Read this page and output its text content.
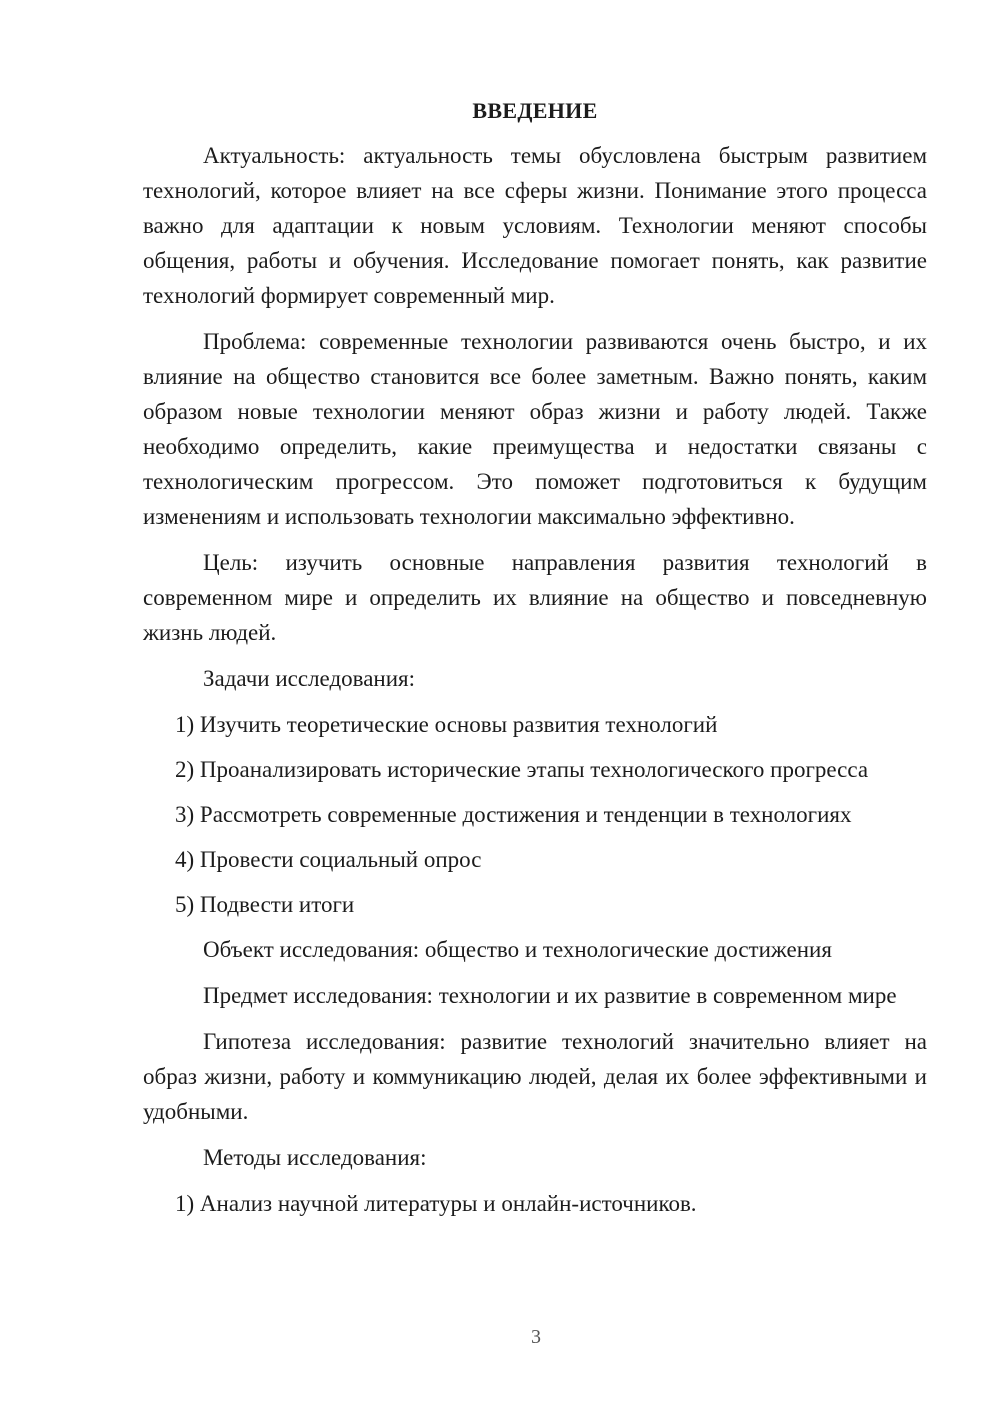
ВВЕДЕНИЕ

Актуальность: актуальность темы обусловлена быстрым развитием технологий, которое влияет на все сферы жизни. Понимание этого процесса важно для адаптации к новым условиям. Технологии меняют способы общения, работы и обучения. Исследование помогает понять, как развитие технологий формирует современный мир.

Проблема: современные технологии развиваются очень быстро, и их влияние на общество становится все более заметным. Важно понять, каким образом новые технологии меняют образ жизни и работу людей. Также необходимо определить, какие преимущества и недостатки связаны с технологическим прогрессом. Это поможет подготовиться к будущим изменениям и использовать технологии максимально эффективно.

Цель: изучить основные направления развития технологий в современном мире и определить их влияние на общество и повседневную жизнь людей.

Задачи исследования:
1) Изучить теоретические основы развития технологий
2) Проанализировать исторические этапы технологического прогресса
3) Рассмотреть современные достижения и тенденции в технологиях
4) Провести социальный опрос
5) Подвести итоги
Объект исследования: общество и технологические достижения

Предмет исследования: технологии и их развитие в современном мире

Гипотеза исследования: развитие технологий значительно влияет на образ жизни, работу и коммуникацию людей, делая их более эффективными и удобными.

Методы исследования:
1) Анализ научной литературы и онлайн-источников.
3
